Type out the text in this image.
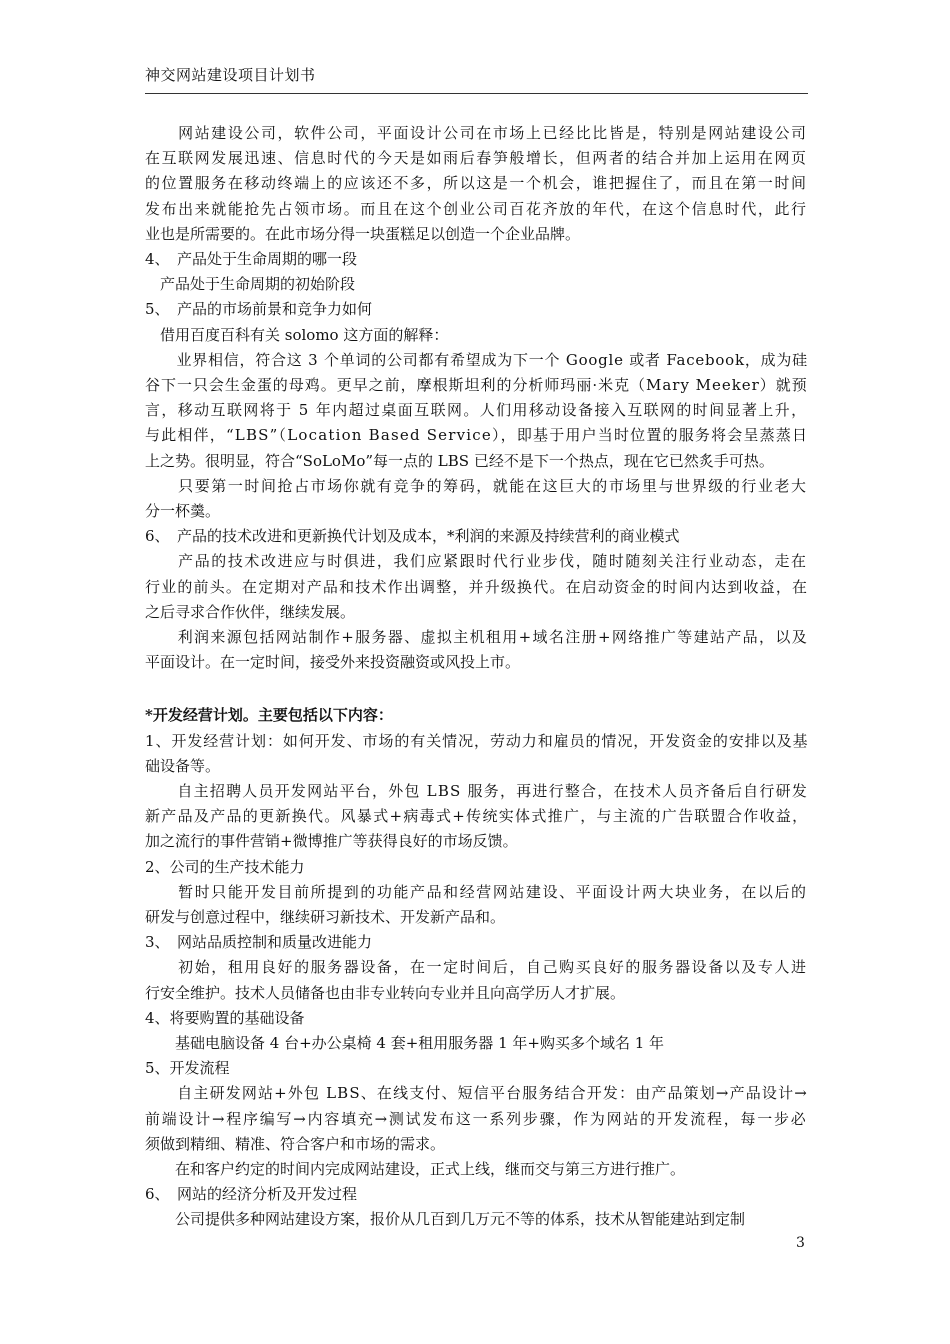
神交网站建设项目计划书
　　网站建设公司，软件公司，平面设计公司在市场上已经比比皆是，特别是网站建设公司
在互联网发展迅速、信息时代的今天是如雨后春笋般增长，但两者的结合并加上运用在网页
的位置服务在移动终端上的应该还不多，所以这是一个机会，谁把握住了，而且在第一时间
发布出来就能抢先占领市场。而且在这个创业公司百花齐放的年代，在这个信息时代，此行
业也是所需要的。在此市场分得一块蛋糕足以创造一个企业品牌。
4、　产品处于生命周期的哪一段
　产品处于生命周期的初始阶段
5、　产品的市场前景和竞争力如何
　借用百度百科有关 solomo 这方面的解释：
　　业界相信，符合这 3 个单词的公司都有希望成为下一个 Google 或者 Facebook，成为硅
谷下一只会生金蛋的母鸡。更早之前，摩根斯坦利的分析师玛丽·米克（Mary Meeker）就预
言，移动互联网将于 5 年内超过桌面互联网。人们用移动设备接入互联网的时间显著上升，
与此相伴，“LBS”（Location Based Service），即基于用户当时位置的服务将会呈蒸蒸日
上之势。很明显，符合“SoLoMo”每一点的 LBS 已经不是下一个热点，现在它已然炙手可热。
　　只要第一时间抢占市场你就有竞争的筹码，就能在这巨大的市场里与世界级的行业老大
分一杯羹。
6、　产品的技术改进和更新换代计划及成本，*利润的来源及持续营利的商业模式
　　产品的技术改进应与时俱进，我们应紧跟时代行业步伐，随时随刻关注行业动态，走在
行业的前头。在定期对产品和技术作出调整，并升级换代。在启动资金的时间内达到收益，在
之后寻求合作伙伴，继续发展。
　　利润来源包括网站制作+服务器、虚拟主机租用+域名注册+网络推广等建站产品，以及
平面设计。在一定时间，接受外来投资融资或风投上市。
*开发经营计划。主要包括以下内容：
1、开发经营计划：如何开发、市场的有关情况，劳动力和雇员的情况，开发资金的安排以及基
础设备等。
　　自主招聘人员开发网站平台，外包 LBS 服务，再进行整合，在技术人员齐备后自行研发
新产品及产品的更新换代。风暴式+病毒式+传统实体式推广，与主流的广告联盟合作收益，
加之流行的事件营销+微博推广等获得良好的市场反馈。
2、公司的生产技术能力
　　暂时只能开发目前所提到的功能产品和经营网站建设、平面设计两大块业务，在以后的
研发与创意过程中，继续研习新技术、开发新产品和。
3、　网站品质控制和质量改进能力
　　初始，租用良好的服务器设备，在一定时间后，自己购买良好的服务器设备以及专人进
行安全维护。技术人员储备也由非专业转向专业并且向高学历人才扩展。
4、将要购置的基础设备
　　基础电脑设备 4 台+办公桌椅 4 套+租用服务器 1 年+购买多个域名 1 年
5、开发流程
　　自主研发网站+外包 LBS、在线支付、短信平台服务结合开发：由产品策划→产品设计→
前端设计→程序编写→内容填充→测试发布这一系列步骤，作为网站的开发流程，每一步必
须做到精细、精准、符合客户和市场的需求。
　　在和客户约定的时间内完成网站建设，正式上线，继而交与第三方进行推广。
6、　网站的经济分析及开发过程
　　公司提供多种网站建设方案，报价从几百到几万元不等的体系，技术从智能建站到定制
3
